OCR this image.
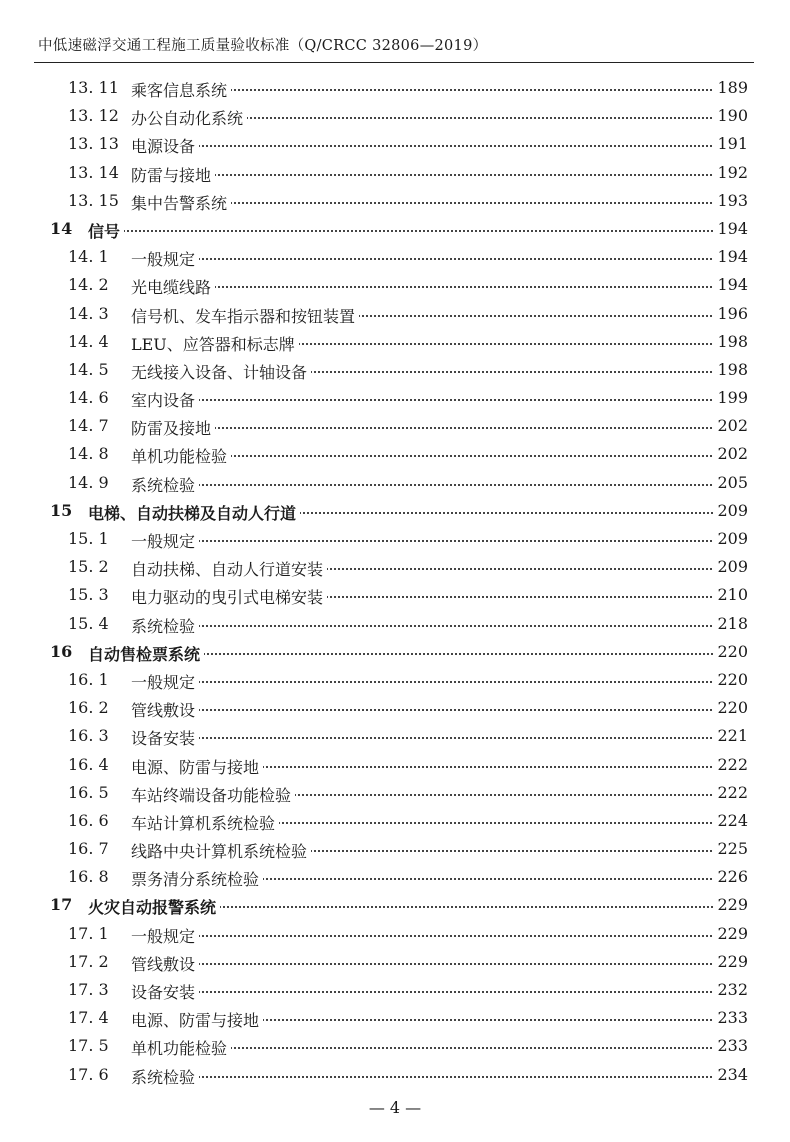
中低速磁浮交通工程施工质量验收标准（Q/CRCC 32806—2019）
13. 11 乘客信息系统	189
13. 12 办公自动化系统	190
13. 13 电源设备	191
13. 14 防雷与接地	192
13. 15 集中告警系统	193
14 信号	194
14. 1 一般规定	194
14. 2 光电缆线路	194
14. 3 信号机、发车指示器和按钮装置	196
14. 4 LEU、应答器和标志牌	198
14. 5 无线接入设备、计轴设备	198
14. 6 室内设备	199
14. 7 防雷及接地	202
14. 8 单机功能检验	202
14. 9 系统检验	205
15 电梯、自动扶梯及自动人行道	209
15. 1 一般规定	209
15. 2 自动扶梯、自动人行道安装	209
15. 3 电力驱动的曳引式电梯安装	210
15. 4 系统检验	218
16 自动售检票系统	220
16. 1 一般规定	220
16. 2 管线敷设	220
16. 3 设备安装	221
16. 4 电源、防雷与接地	222
16. 5 车站终端设备功能检验	222
16. 6 车站计算机系统检验	224
16. 7 线路中央计算机系统检验	225
16. 8 票务清分系统检验	226
17 火灾自动报警系统	229
17. 1 一般规定	229
17. 2 管线敷设	229
17. 3 设备安装	232
17. 4 电源、防雷与接地	233
17. 5 单机功能检验	233
17. 6 系统检验	234
— 4 —
